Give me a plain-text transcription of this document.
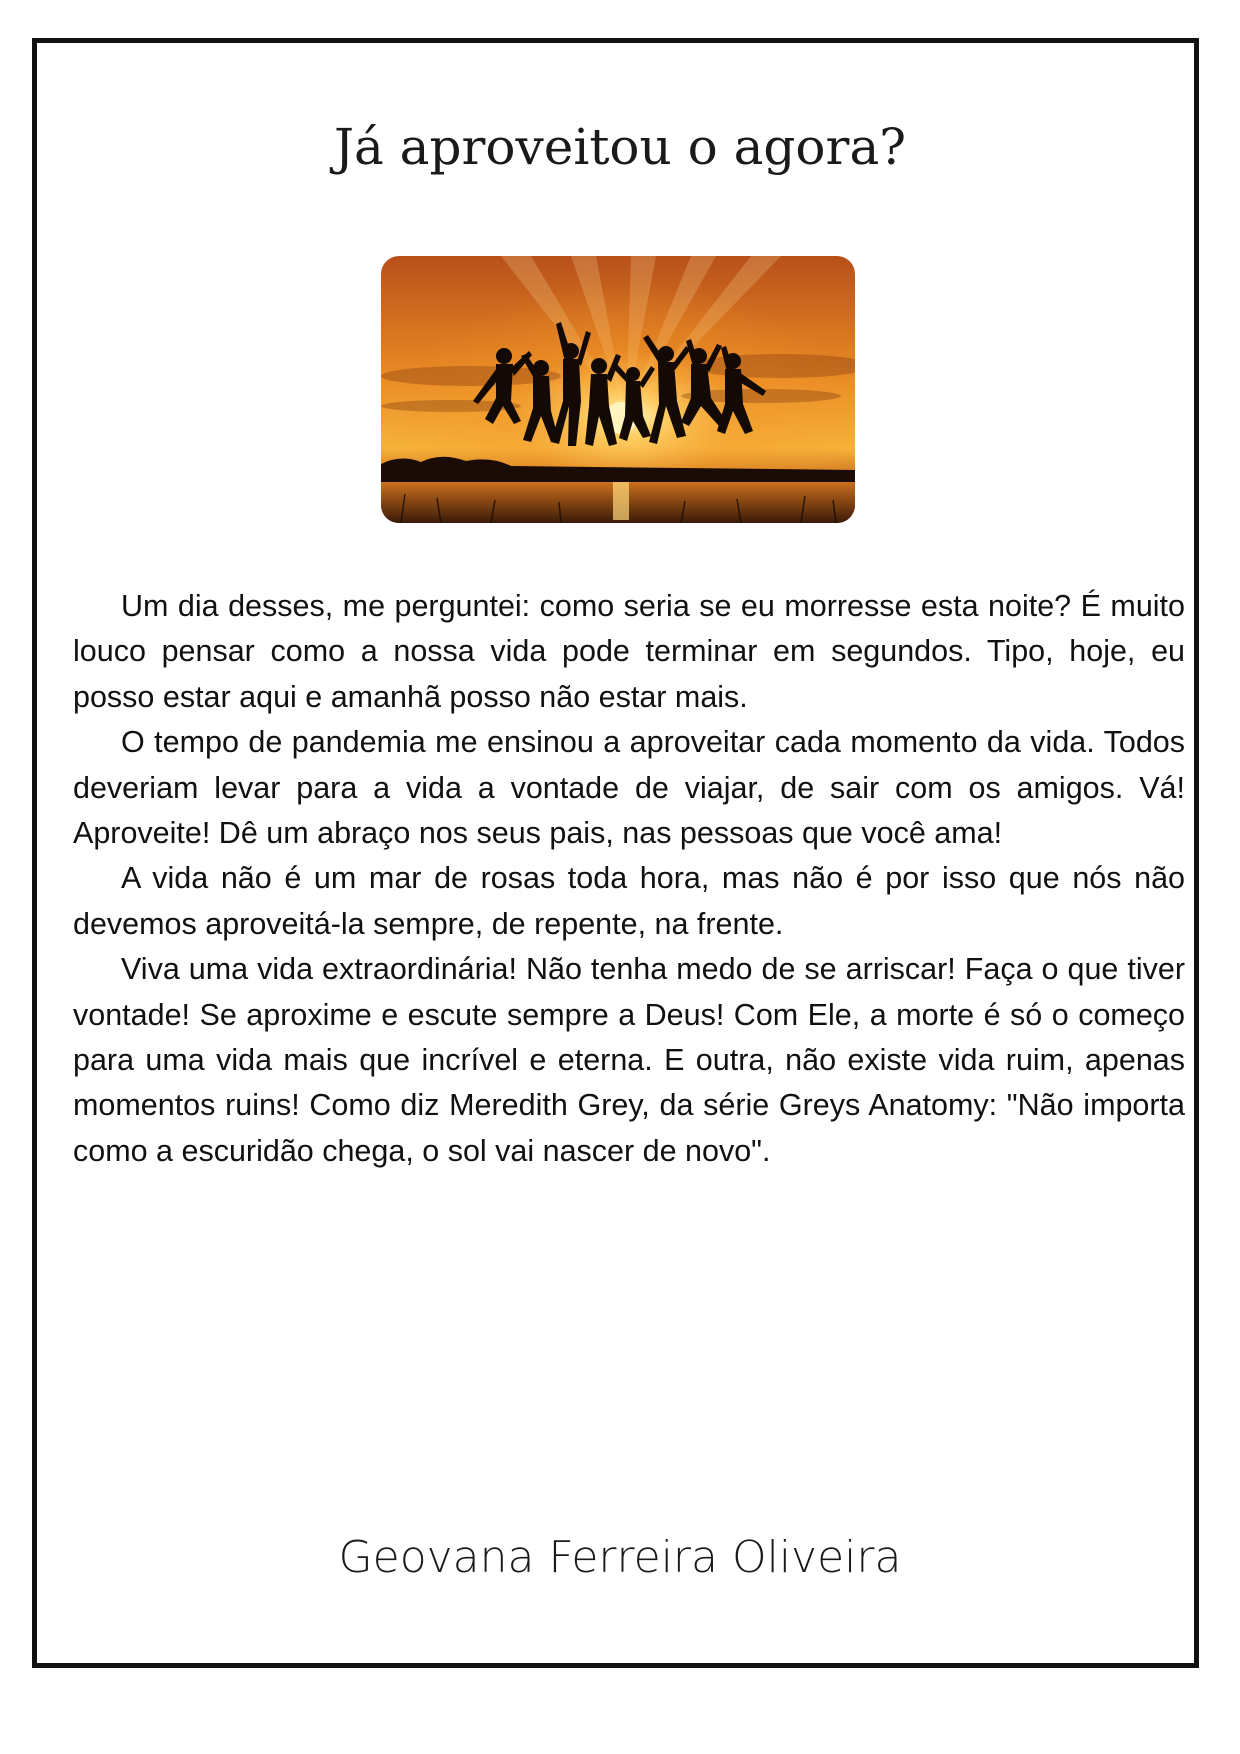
Já aproveitou o agora?

Um dia desses, me perguntei: como seria se eu morresse esta noite? É muito louco pensar como a nossa vida pode terminar em segundos. Tipo, hoje, eu posso estar aqui e amanhã posso não estar mais.

O tempo de pandemia me ensinou a aproveitar cada momento da vida. Todos deveriam levar para a vida a vontade de viajar, de sair com os amigos. Vá! Aproveite! Dê um abraço nos seus pais, nas pessoas que você ama!

A vida não é um mar de rosas toda hora, mas não é por isso que nós não devemos aproveitá-la sempre, de repente, na frente.

Viva uma vida extraordinária! Não tenha medo de se arriscar! Faça o que tiver vontade! Se aproxime e escute sempre a Deus! Com Ele, a morte é só o começo para uma vida mais que incrível e eterna. E outra, não existe vida ruim, apenas momentos ruins! Como diz Meredith Grey, da série Greys Anatomy: "Não importa como a escuridão chega, o sol vai nascer de novo".

Geovana Ferreira Oliveira
